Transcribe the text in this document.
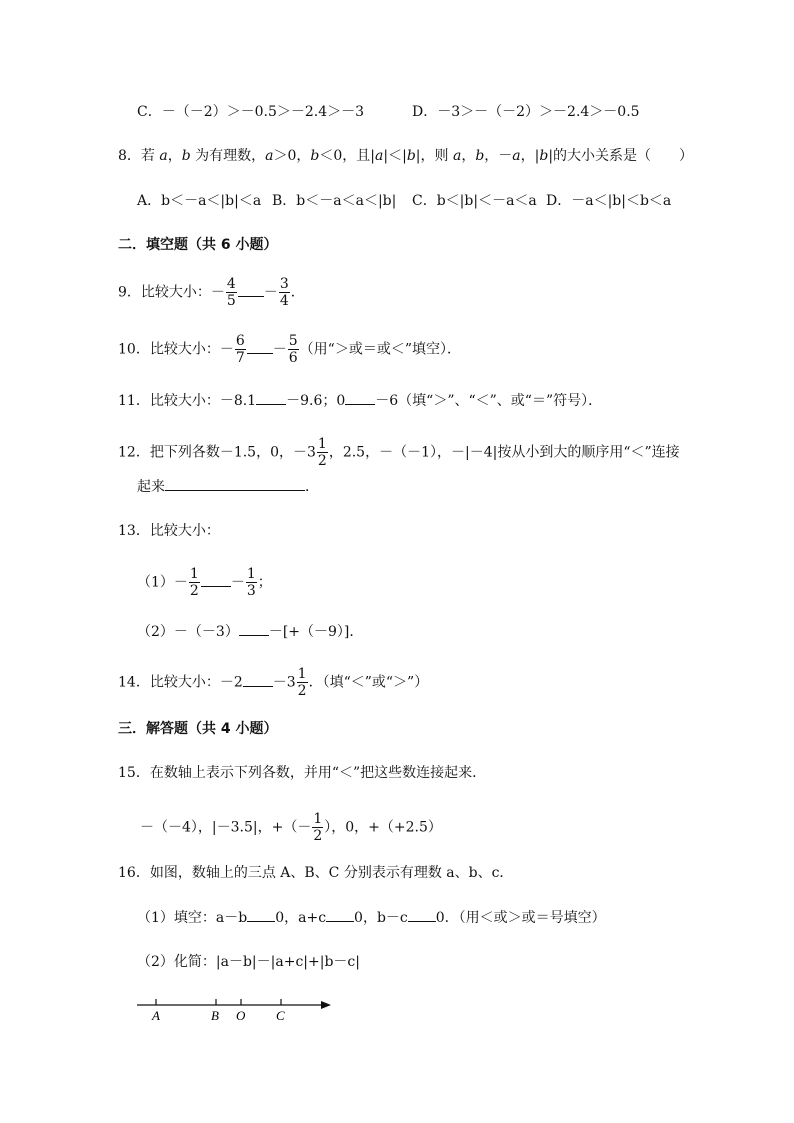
C．－（－2）＞－0.5＞－2.4＞－3	D．－3＞－（－2）＞－2.4＞－0.5
8．若 a，b 为有理数，a＞0，b＜0，且|a|＜|b|，则 a，b，－a，|b|的大小关系是（　　）
A．b＜－a＜|b|＜a B．b＜－a＜a＜|b| C．b＜|b|＜－a＜a D．－a＜|b|＜b＜a
二．填空题（共 6 小题）
9．比较大小：－ $\frac{4}{5} - \frac{3}{4}$ ．
10．比较大小：－ $\frac{6}{7} - \frac{5}{6}$ （用“＞或＝或＜”填空）．
11．比较大小：－8.1 －9.6；0 －6（填“＞”、“＜”、或“＝”符号）．
12．把下列各数－1.5，0，$-3 \frac{1}{2}$ ，2.5，－（－1），－|－4|按从小到大的顺序用“＜”连接
起来	．
13．比较大小：
$(1)- \frac{1}{2} - \frac{1}{3}$ ；
（2）－（－3） －[+（－9）]．
14．比较大小：$-2 -3 \frac{1}{2}$ ．（填“＜”或“＞”）
三．解答题（共 4 小题）
15．在数轴上表示下列各数，并用“＜”把这些数连接起来．
－（－4），|－3.5|，+（－ $\frac{1}{2}$ ），0，+（+2.5）
16．如图，数轴上的三点 A、B、C 分别表示有理数 a、b、c．
（1）填空：a－b 0，a+c 0，b－c 0．（用＜或＞或＝号填空）
（2）化简：|a－b|－|a+c|+|b－c|
A	B O C
